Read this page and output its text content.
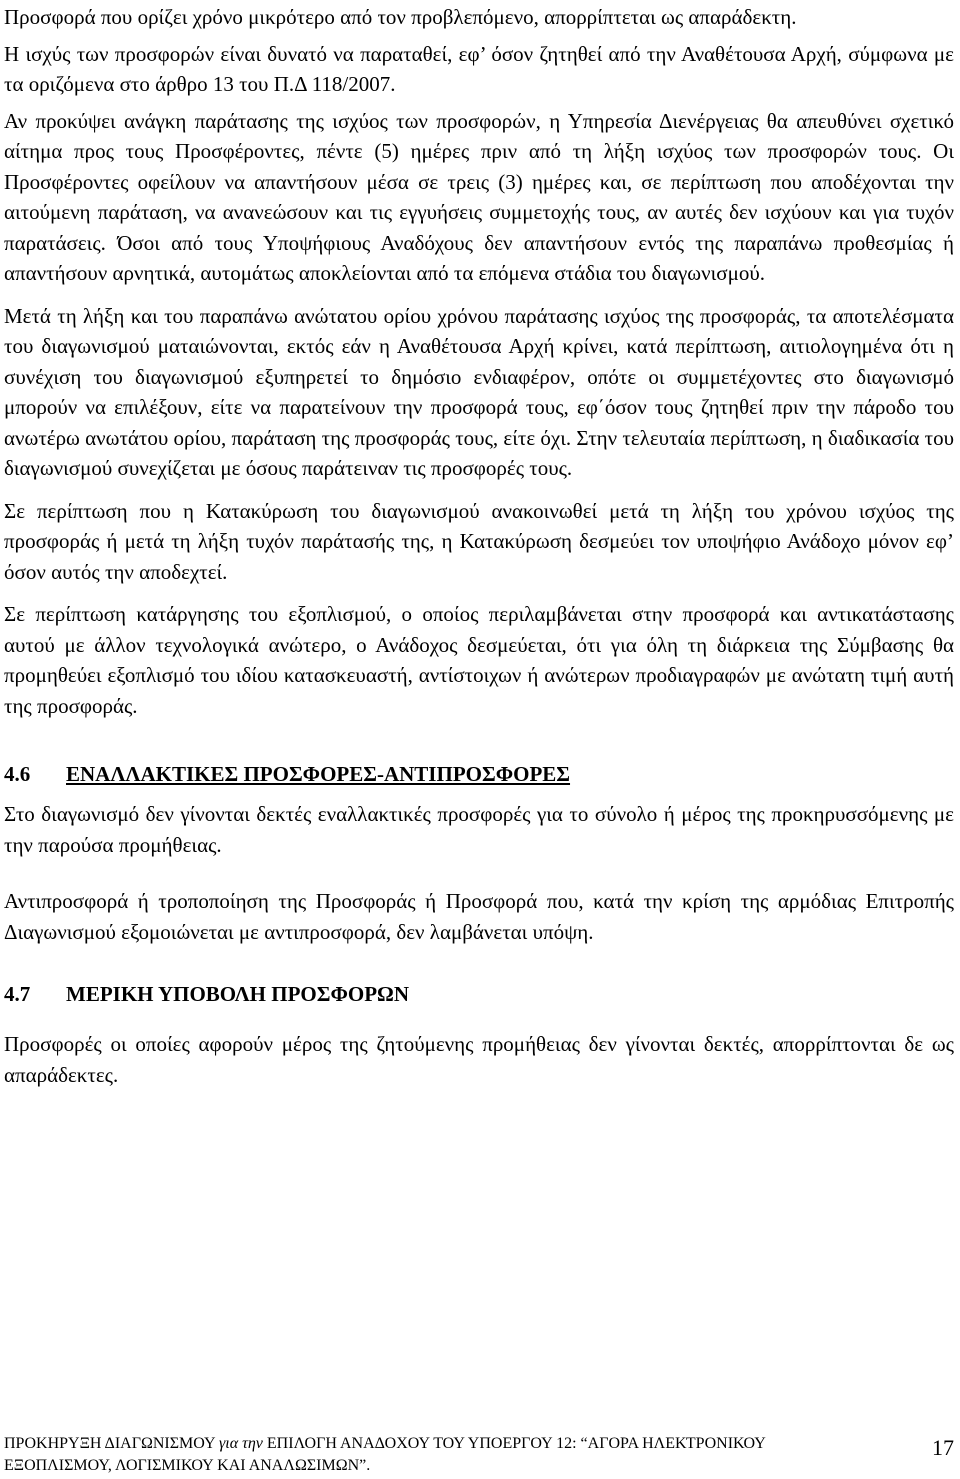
Προσφορά που ορίζει χρόνο μικρότερο από τον προβλεπόμενο, απορρίπτεται ως απαράδεκτη.

Η ισχύς των προσφορών είναι δυνατό να παραταθεί, εφ’ όσον ζητηθεί από την Αναθέτουσα Αρχή, σύμφωνα με τα οριζόμενα στο άρθρο 13 του Π.Δ 118/2007.

Αν προκύψει ανάγκη παράτασης της ισχύος των προσφορών, η Υπηρεσία Διενέργειας θα απευθύνει σχετικό αίτημα προς τους Προσφέροντες, πέντε (5) ημέρες πριν από τη λήξη ισχύος των προσφορών τους. Οι Προσφέροντες οφείλουν να απαντήσουν μέσα σε τρεις (3) ημέρες και, σε περίπτωση που αποδέχονται την αιτούμενη παράταση, να ανανεώσουν και τις εγγυήσεις συμμετοχής τους, αν αυτές δεν ισχύουν και για τυχόν παρατάσεις. Όσοι από τους Υποψήφιους Αναδόχους δεν απαντήσουν εντός της παραπάνω προθεσμίας ή απαντήσουν αρνητικά, αυτομάτως αποκλείονται από τα επόμενα στάδια του διαγωνισμού.

Μετά τη λήξη και του παραπάνω ανώτατου ορίου χρόνου παράτασης ισχύος της προσφοράς, τα αποτελέσματα του διαγωνισμού ματαιώνονται, εκτός εάν η Αναθέτουσα Αρχή κρίνει, κατά περίπτωση, αιτιολογημένα ότι η συνέχιση του διαγωνισμού εξυπηρετεί το δημόσιο ενδιαφέρον, οπότε οι συμμετέχοντες στο διαγωνισμό μπορούν να επιλέξουν, είτε να παρατείνουν την προσφορά τους, εφ΄όσον τους ζητηθεί πριν την πάροδο του ανωτέρω ανωτάτου ορίου, παράταση της προσφοράς τους, είτε όχι. Στην τελευταία περίπτωση, η διαδικασία του διαγωνισμού συνεχίζεται με όσους παράτειναν τις προσφορές τους.

Σε περίπτωση που η Κατακύρωση του διαγωνισμού ανακοινωθεί μετά τη λήξη του χρόνου ισχύος της προσφοράς ή μετά τη λήξη τυχόν παράτασής της, η Κατακύρωση δεσμεύει τον υποψήφιο Ανάδοχο μόνον εφ’ όσον αυτός την αποδεχτεί.

Σε περίπτωση κατάργησης του εξοπλισμού, ο οποίος περιλαμβάνεται στην προσφορά και αντικατάστασης αυτού με άλλον τεχνολογικά ανώτερο, ο Ανάδοχος δεσμεύεται, ότι για όλη τη διάρκεια της Σύμβασης θα προμηθεύει εξοπλισμό του ιδίου κατασκευαστή, αντίστοιχων ή ανώτερων προδιαγραφών με ανώτατη τιμή αυτή της προσφοράς.

4.6	ΕΝΑΛΛΑΚΤΙΚΕΣ ΠΡΟΣΦΟΡΕΣ-ΑΝΤΙΠΡΟΣΦΟΡΕΣ

Στο διαγωνισμό δεν γίνονται δεκτές εναλλακτικές προσφορές για το σύνολο ή μέρος της προκηρυσσόμενης με την παρούσα προμήθειας.

Αντιπροσφορά ή τροποποίηση της Προσφοράς ή Προσφορά που, κατά την κρίση της αρμόδιας Επιτροπής Διαγωνισμού εξομοιώνεται με αντιπροσφορά, δεν λαμβάνεται υπόψη.

4.7	ΜΕΡΙΚΗ ΥΠΟΒΟΛΗ ΠΡΟΣΦΟΡΩΝ

Προσφορές οι οποίες αφορούν μέρος της ζητούμενης προμήθειας δεν γίνονται δεκτές, απορρίπτονται δε ως απαράδεκτες.

ΠΡΟΚΗΡΥΞΗ ΔΙΑΓΩΝΙΣΜΟΥ για την ΕΠΙΛΟΓΗ ΑΝΑΔΟΧΟΥ ΤΟΥ ΥΠΟΕΡΓΟΥ 12: “ΑΓΟΡΑ ΗΛΕΚΤΡΟΝΙΚΟΥ ΕΞΟΠΛΙΣΜΟΥ, ΛΟΓΙΣΜΙΚΟΥ ΚΑΙ ΑΝΑΛΩΣΙΜΩΝ”.
17
